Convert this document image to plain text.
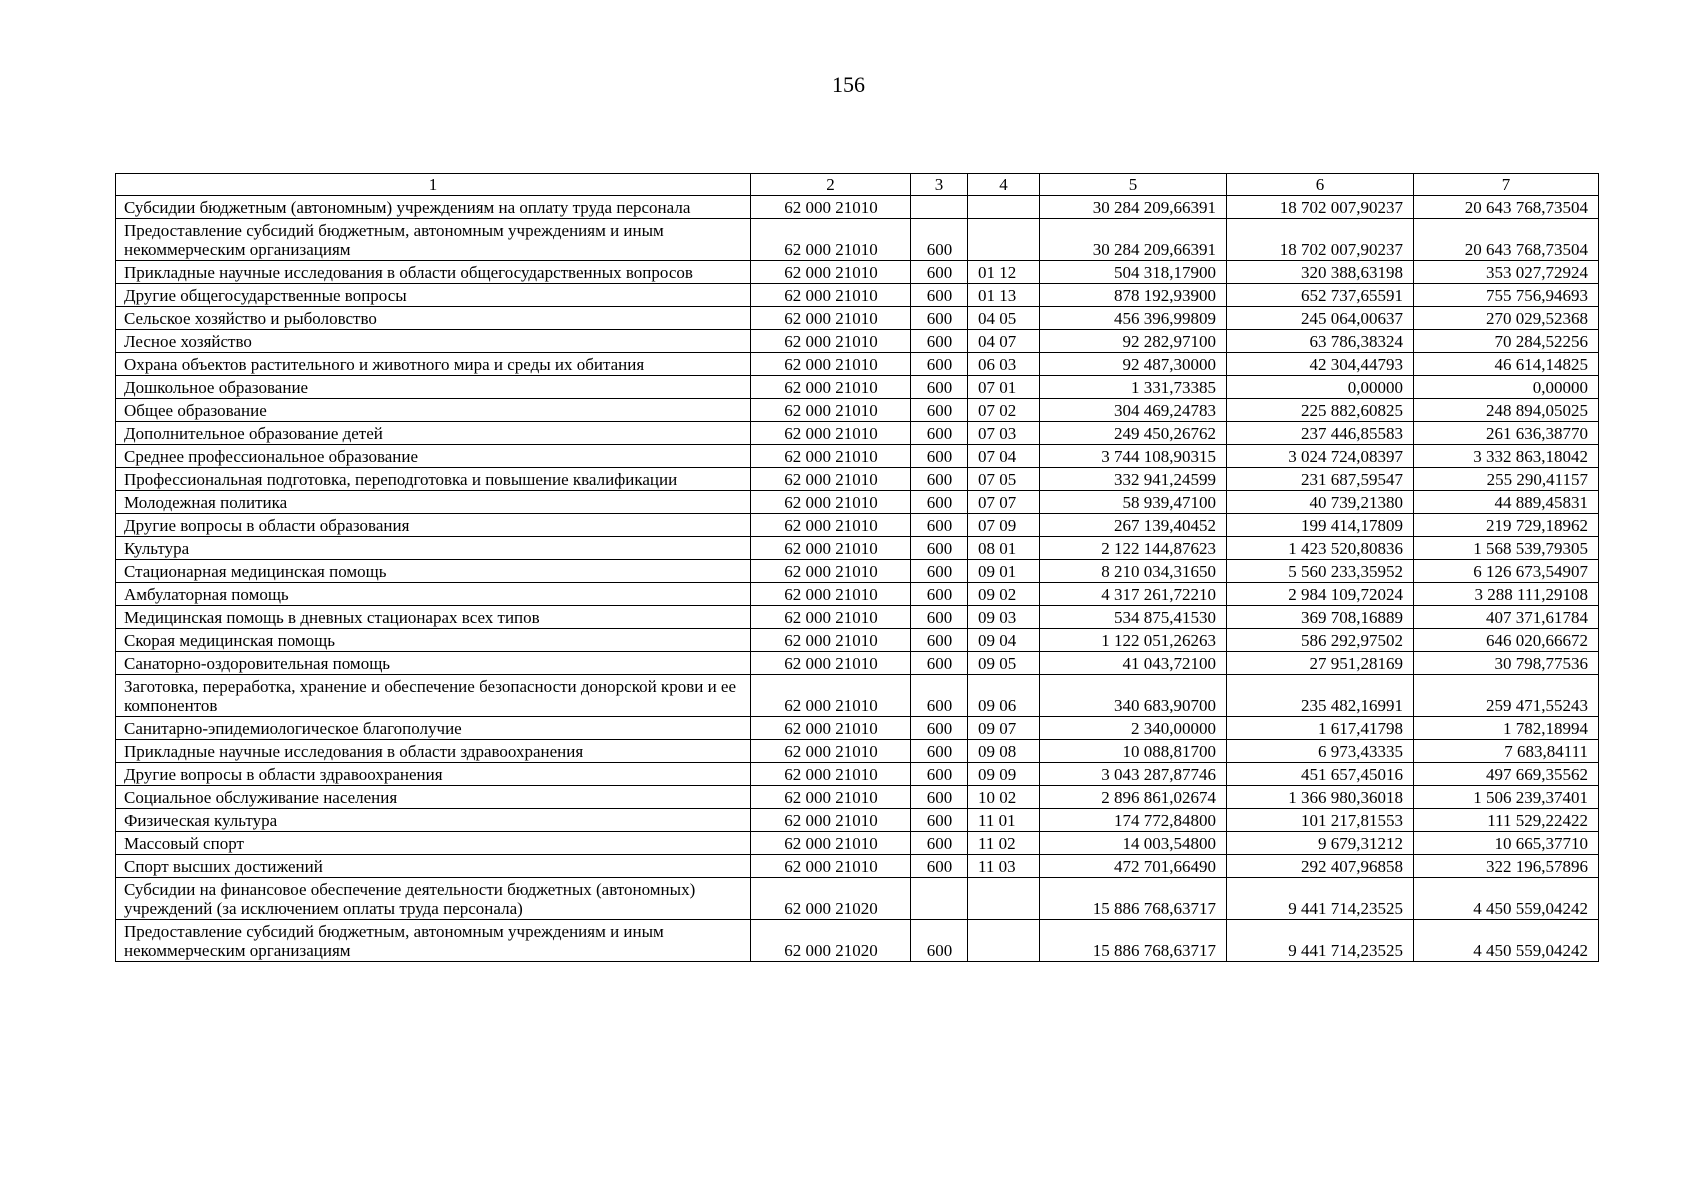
156
1	2	3	4	5	6	7
Субсидии бюджетным (автономным) учреждениям на оплату труда персонала	62 000 21010			30 284 209,66391	18 702 007,90237	20 643 768,73504
Предоставление субсидий бюджетным, автономным учреждениям и иным некоммерческим организациям	62 000 21010	600		30 284 209,66391	18 702 007,90237	20 643 768,73504
Прикладные научные исследования в области общегосударственных вопросов	62 000 21010	600	01 12	504 318,17900	320 388,63198	353 027,72924
Другие общегосударственные вопросы	62 000 21010	600	01 13	878 192,93900	652 737,65591	755 756,94693
Сельское хозяйство и рыболовство	62 000 21010	600	04 05	456 396,99809	245 064,00637	270 029,52368
Лесное хозяйство	62 000 21010	600	04 07	92 282,97100	63 786,38324	70 284,52256
Охрана объектов растительного и животного мира и среды их обитания	62 000 21010	600	06 03	92 487,30000	42 304,44793	46 614,14825
Дошкольное образование	62 000 21010	600	07 01	1 331,73385	0,00000	0,00000
Общее образование	62 000 21010	600	07 02	304 469,24783	225 882,60825	248 894,05025
Дополнительное образование детей	62 000 21010	600	07 03	249 450,26762	237 446,85583	261 636,38770
Среднее профессиональное образование	62 000 21010	600	07 04	3 744 108,90315	3 024 724,08397	3 332 863,18042
Профессиональная подготовка, переподготовка и повышение квалификации	62 000 21010	600	07 05	332 941,24599	231 687,59547	255 290,41157
Молодежная политика	62 000 21010	600	07 07	58 939,47100	40 739,21380	44 889,45831
Другие вопросы в области образования	62 000 21010	600	07 09	267 139,40452	199 414,17809	219 729,18962
Культура	62 000 21010	600	08 01	2 122 144,87623	1 423 520,80836	1 568 539,79305
Стационарная медицинская помощь	62 000 21010	600	09 01	8 210 034,31650	5 560 233,35952	6 126 673,54907
Амбулаторная помощь	62 000 21010	600	09 02	4 317 261,72210	2 984 109,72024	3 288 111,29108
Медицинская помощь в дневных стационарах всех типов	62 000 21010	600	09 03	534 875,41530	369 708,16889	407 371,61784
Скорая медицинская помощь	62 000 21010	600	09 04	1 122 051,26263	586 292,97502	646 020,66672
Санаторно-оздоровительная помощь	62 000 21010	600	09 05	41 043,72100	27 951,28169	30 798,77536
Заготовка, переработка, хранение и обеспечение безопасности донорской крови и ее компонентов	62 000 21010	600	09 06	340 683,90700	235 482,16991	259 471,55243
Санитарно-эпидемиологическое благополучие	62 000 21010	600	09 07	2 340,00000	1 617,41798	1 782,18994
Прикладные научные исследования в области здравоохранения	62 000 21010	600	09 08	10 088,81700	6 973,43335	7 683,84111
Другие вопросы в области здравоохранения	62 000 21010	600	09 09	3 043 287,87746	451 657,45016	497 669,35562
Социальное обслуживание населения	62 000 21010	600	10 02	2 896 861,02674	1 366 980,36018	1 506 239,37401
Физическая культура	62 000 21010	600	11 01	174 772,84800	101 217,81553	111 529,22422
Массовый спорт	62 000 21010	600	11 02	14 003,54800	9 679,31212	10 665,37710
Спорт высших достижений	62 000 21010	600	11 03	472 701,66490	292 407,96858	322 196,57896
Субсидии на финансовое обеспечение деятельности бюджетных (автономных) учреждений (за исключением оплаты труда персонала)	62 000 21020			15 886 768,63717	9 441 714,23525	4 450 559,04242
Предоставление субсидий бюджетным, автономным учреждениям и иным некоммерческим организациям	62 000 21020	600		15 886 768,63717	9 441 714,23525	4 450 559,04242
